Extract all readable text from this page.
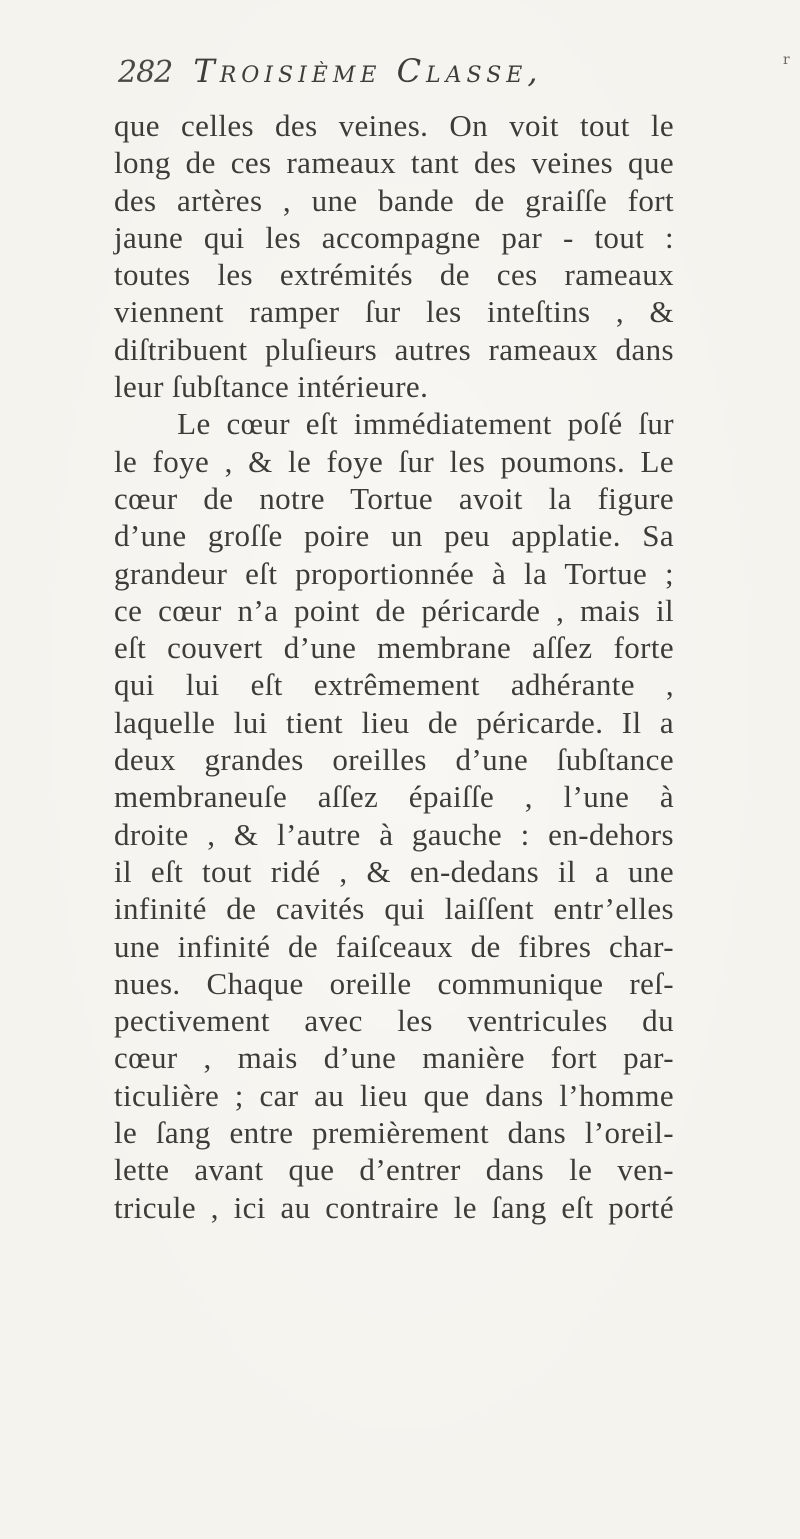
282 Troisième Classe,	r
que celles des veines. On voit tout le
long de ces rameaux tant des veines que
des artères , une bande de graiſſe fort
jaune qui les accompagne par - tout :
toutes les extrémités de ces rameaux
viennent ramper ſur les inteſtins , &
diſtribuent pluſieurs autres rameaux dans
leur ſubſtance intérieure.
Le cœur eſt immédiatement poſé ſur
le foye , & le foye ſur les poumons. Le
cœur de notre Tortue avoit la figure
d’une groſſe poire un peu applatie. Sa
grandeur eſt proportionnée à la Tortue ;
ce cœur n’a point de péricarde , mais il
eſt couvert d’une membrane aſſez forte
qui lui eſt extrêmement adhérante ,
laquelle lui tient lieu de péricarde. Il a
deux grandes oreilles d’une ſubſtance
membraneuſe aſſez épaiſſe , l’une à
droite , & l’autre à gauche : en-dehors
il eſt tout ridé , & en-dedans il a une
infinité de cavités qui laiſſent entr’elles
une infinité de faiſceaux de fibres char-
nues. Chaque oreille communique reſ-
pectivement avec les ventricules du
cœur , mais d’une manière fort par-
ticulière ; car au lieu que dans l’homme
le ſang entre premièrement dans l’oreil-
lette avant que d’entrer dans le ven-
tricule , ici au contraire le ſang eſt porté
